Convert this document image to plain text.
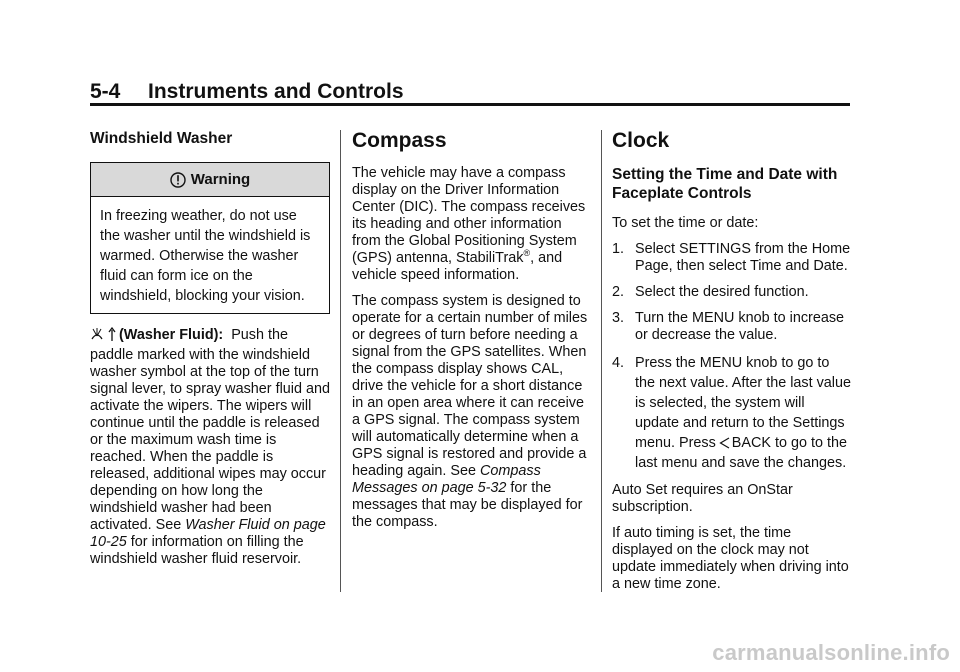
5-4 Instruments and Controls
Windshield Washer
Warning
In freezing weather, do not use the washer until the windshield is warmed. Otherwise the washer fluid can form ice on the windshield, blocking your vision.

(Washer Fluid): Push the paddle marked with the windshield washer symbol at the top of the turn signal lever, to spray washer fluid and activate the wipers. The wipers will continue until the paddle is released or the maximum wash time is reached. When the paddle is released, additional wipes may occur depending on how long the windshield washer had been activated. See Washer Fluid on page 10-25 for information on filling the windshield washer fluid reservoir.

Compass

The vehicle may have a compass display on the Driver Information Center (DIC). The compass receives its heading and other information from the Global Positioning System (GPS) antenna, StabiliTrak®, and vehicle speed information.

The compass system is designed to operate for a certain number of miles or degrees of turn before needing a signal from the GPS satellites. When the compass display shows CAL, drive the vehicle for a short distance in an open area where it can receive a GPS signal. The compass system will automatically determine when a GPS signal is restored and provide a heading again. See Compass Messages on page 5-32 for the messages that may be displayed for the compass.

Clock
Setting the Time and Date with Faceplate Controls

To set the time or date:

1. Select SETTINGS from the Home Page, then select Time and Date.
2. Select the desired function.
3. Turn the MENU knob to increase or decrease the value.
4. Press the MENU knob to go to the next value. After the last value is selected, the system will update and return to the Settings menu. Press BACK to go to the last menu and save the changes.

Auto Set requires an OnStar subscription.

If auto timing is set, the time displayed on the clock may not update immediately when driving into a new time zone.

carmanualsonline.info
